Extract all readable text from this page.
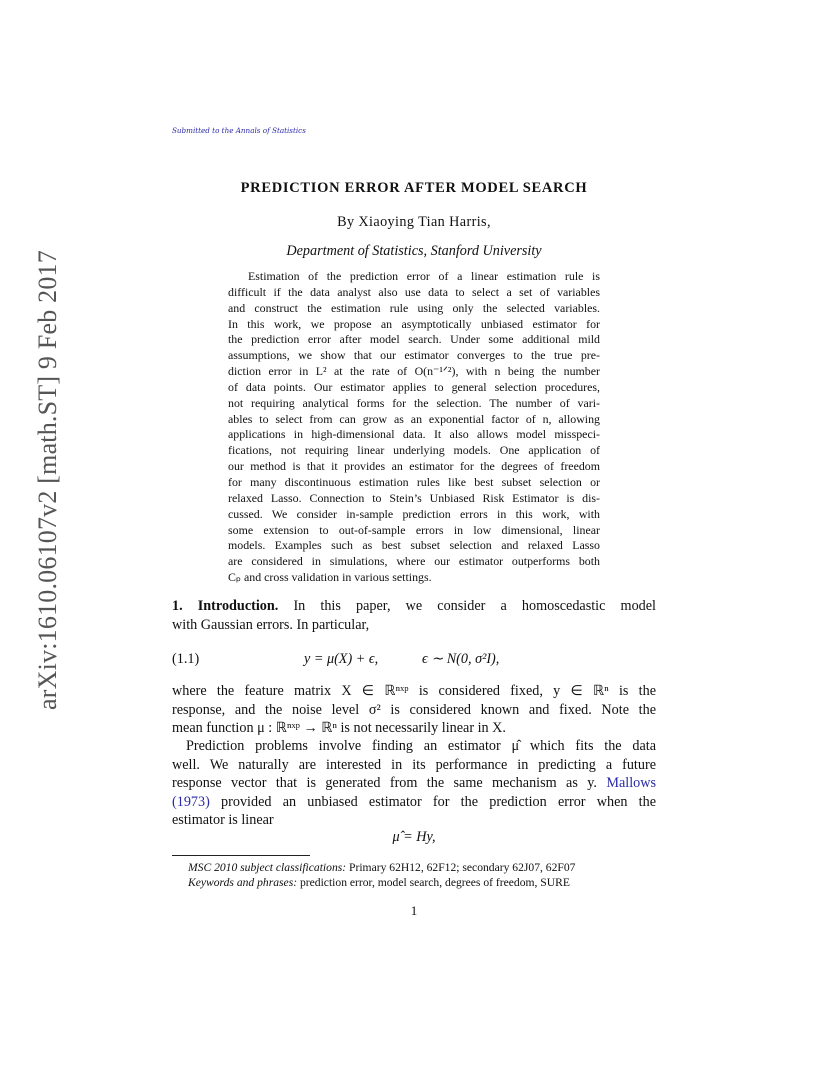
Submitted to the Annals of Statistics
arXiv:1610.06107v2 [math.ST] 9 Feb 2017
PREDICTION ERROR AFTER MODEL SEARCH
By Xiaoying Tian Harris,
Department of Statistics, Stanford University
Estimation of the prediction error of a linear estimation rule is
difficult if the data analyst also use data to select a set of variables
and construct the estimation rule using only the selected variables.
In this work, we propose an asymptotically unbiased estimator for
the prediction error after model search. Under some additional mild
assumptions, we show that our estimator converges to the true pre-
diction error in L² at the rate of O(n⁻¹ᐟ²), with n being the number
of data points. Our estimator applies to general selection procedures,
not requiring analytical forms for the selection. The number of vari-
ables to select from can grow as an exponential factor of n, allowing
applications in high-dimensional data. It also allows model misspeci-
fications, not requiring linear underlying models. One application of
our method is that it provides an estimator for the degrees of freedom
for many discontinuous estimation rules like best subset selection or
relaxed Lasso. Connection to Stein’s Unbiased Risk Estimator is dis-
cussed. We consider in-sample prediction errors in this work, with
some extension to out-of-sample errors in low dimensional, linear
models. Examples such as best subset selection and relaxed Lasso
are considered in simulations, where our estimator outperforms both
Cₚ and cross validation in various settings.
1. Introduction. In this paper, we consider a homoscedastic model
with Gaussian errors. In particular,
(1.1)	y = μ(X) + ϵ,	ϵ ∼ N(0, σ²I),
where the feature matrix X ∈ ℝⁿˣᵖ is considered fixed, y ∈ ℝⁿ is the
response, and the noise level σ² is considered known and fixed. Note the
mean function μ : ℝⁿˣᵖ → ℝⁿ is not necessarily linear in X.
Prediction problems involve finding an estimator μ̂ which fits the data
well. We naturally are interested in its performance in predicting a future
response vector that is generated from the same mechanism as y. Mallows
(1973) provided an unbiased estimator for the prediction error when the
estimator is linear
μ̂ = Hy,
MSC 2010 subject classifications: Primary 62H12, 62F12; secondary 62J07, 62F07
Keywords and phrases: prediction error, model search, degrees of freedom, SURE
1
